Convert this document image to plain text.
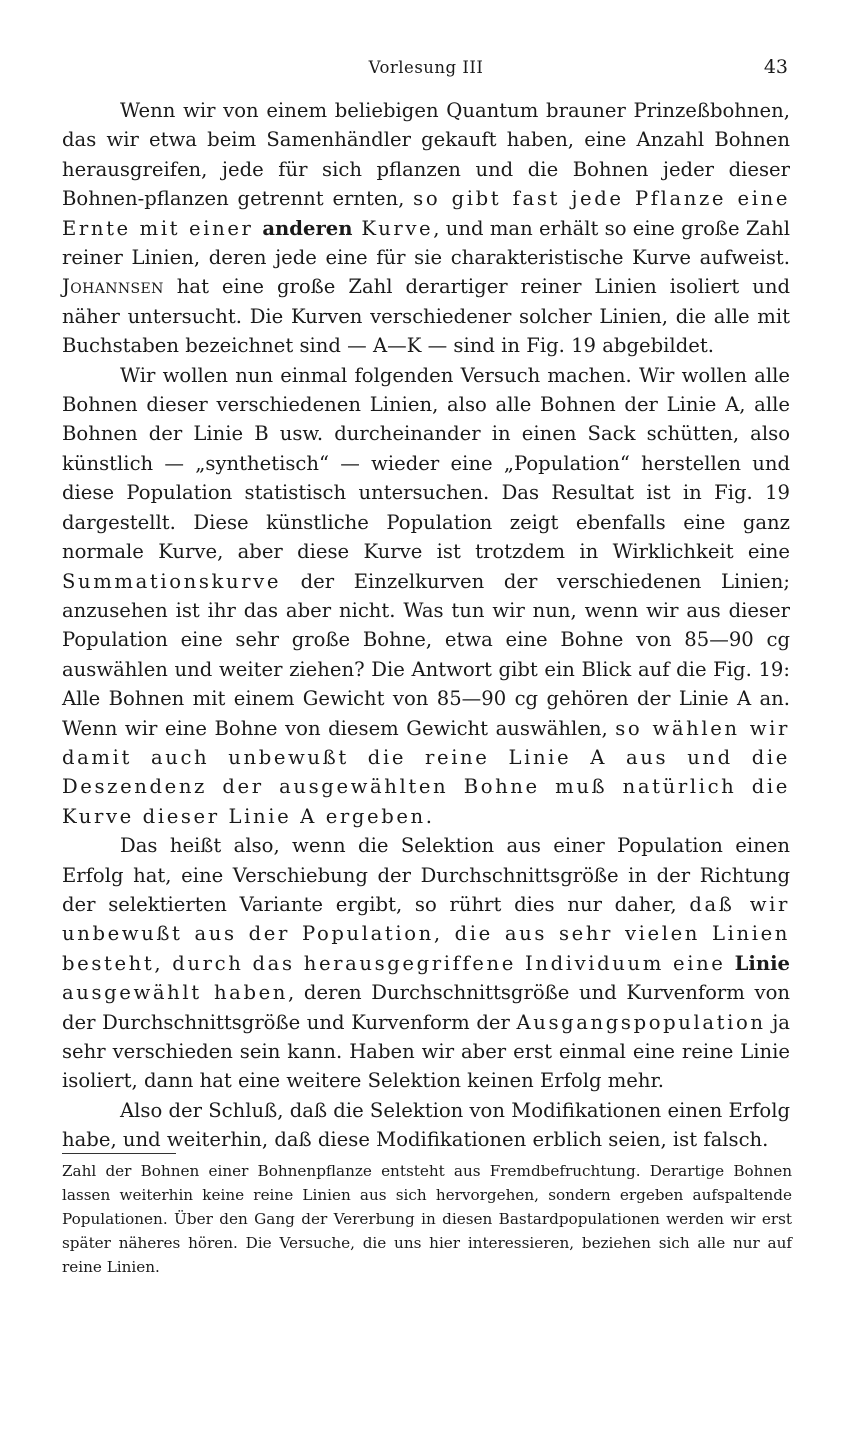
Vorlesung III	43

Wenn wir von einem beliebigen Quantum brauner Prinzeßbohnen, das wir etwa beim Samenhändler gekauft haben, eine Anzahl Bohnen herausgreifen, jede für sich pflanzen und die Bohnen jeder dieser Bohnen-pflanzen getrennt ernten, so gibt fast jede Pflanze eine Ernte mit einer anderen Kurve, und man erhält so eine große Zahl reiner Linien, deren jede eine für sie charakteristische Kurve aufweist. Johannsen hat eine große Zahl derartiger reiner Linien isoliert und näher untersucht. Die Kurven verschiedener solcher Linien, die alle mit Buchstaben bezeichnet sind — A—K — sind in Fig. 19 abgebildet.

Wir wollen nun einmal folgenden Versuch machen. Wir wollen alle Bohnen dieser verschiedenen Linien, also alle Bohnen der Linie A, alle Bohnen der Linie B usw. durcheinander in einen Sack schütten, also künstlich — „synthetisch“ — wieder eine „Population“ herstellen und diese Population statistisch untersuchen. Das Resultat ist in Fig. 19 dargestellt. Diese künstliche Population zeigt ebenfalls eine ganz normale Kurve, aber diese Kurve ist trotzdem in Wirklichkeit eine Summationskurve der Einzelkurven der verschiedenen Linien; anzusehen ist ihr das aber nicht. Was tun wir nun, wenn wir aus dieser Population eine sehr große Bohne, etwa eine Bohne von 85—90 cg auswählen und weiter ziehen? Die Antwort gibt ein Blick auf die Fig. 19: Alle Bohnen mit einem Gewicht von 85—90 cg gehören der Linie A an. Wenn wir eine Bohne von diesem Gewicht auswählen, so wählen wir damit auch unbewußt die reine Linie A aus und die Deszendenz der ausgewählten Bohne muß natürlich die Kurve dieser Linie A ergeben.

Das heißt also, wenn die Selektion aus einer Population einen Erfolg hat, eine Verschiebung der Durchschnittsgröße in der Richtung der selektierten Variante ergibt, so rührt dies nur daher, daß wir unbewußt aus der Population, die aus sehr vielen Linien besteht, durch das herausgegriffene Individuum eine Linie ausgewählt haben, deren Durchschnittsgröße und Kurvenform von der Durchschnittsgröße und Kurvenform der Ausgangspopulation ja sehr verschieden sein kann. Haben wir aber erst einmal eine reine Linie isoliert, dann hat eine weitere Selektion keinen Erfolg mehr.

Also der Schluß, daß die Selektion von Modifikationen einen Erfolg habe, und weiterhin, daß diese Modifikationen erblich seien, ist falsch.

Zahl der Bohnen einer Bohnenpflanze entsteht aus Fremdbefruchtung. Derartige Bohnen lassen weiterhin keine reine Linien aus sich hervorgehen, sondern ergeben aufspaltende Populationen. Über den Gang der Vererbung in diesen Bastardpopulationen werden wir erst später näheres hören. Die Versuche, die uns hier interessieren, beziehen sich alle nur auf reine Linien.
